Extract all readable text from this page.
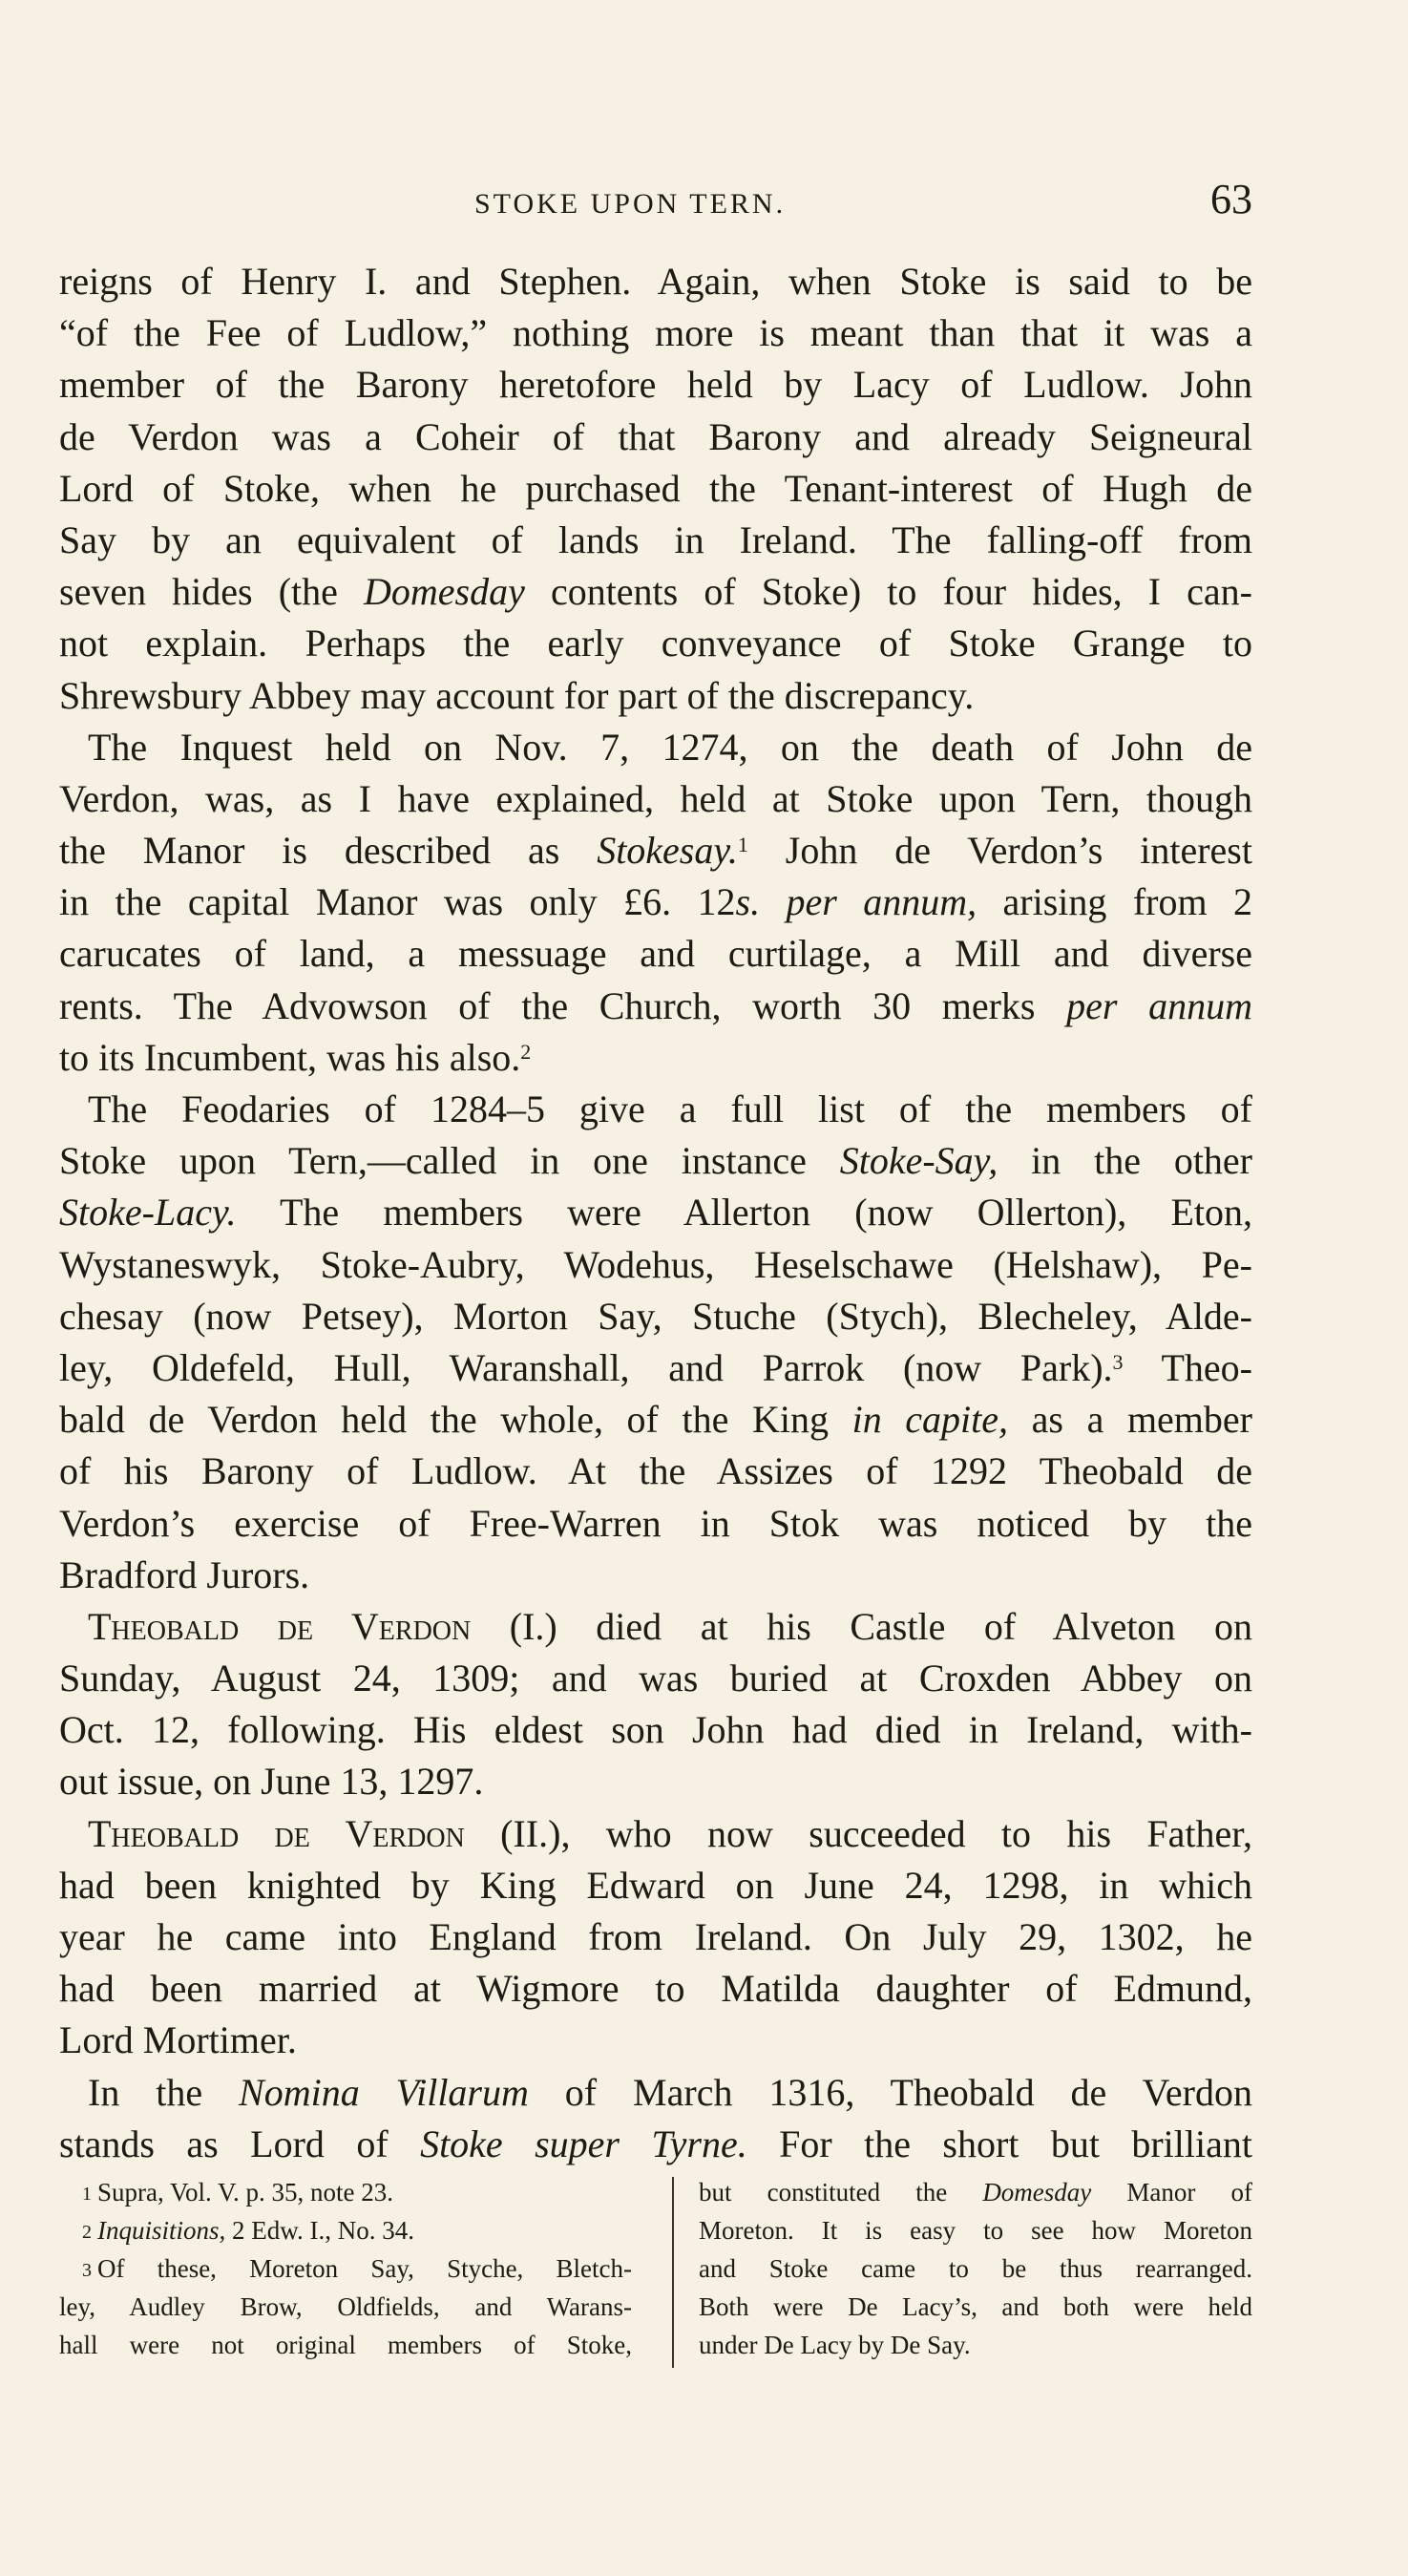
STOKE UPON TERN.	63
reigns of Henry I. and Stephen. Again, when Stoke is said to be
“of the Fee of Ludlow,” nothing more is meant than that it was a
member of the Barony heretofore held by Lacy of Ludlow. John
de Verdon was a Coheir of that Barony and already Seigneural
Lord of Stoke, when he purchased the Tenant-interest of Hugh de
Say by an equivalent of lands in Ireland. The falling-off from
seven hides (the Domesday contents of Stoke) to four hides, I can-
not explain. Perhaps the early conveyance of Stoke Grange to
Shrewsbury Abbey may account for part of the discrepancy.
The Inquest held on Nov. 7, 1274, on the death of John de
Verdon, was, as I have explained, held at Stoke upon Tern, though
the Manor is described as Stokesay.$^1$ John de Verdon’s interest
in the capital Manor was only £6. 12s. per annum, arising from 2
carucates of land, a messuage and curtilage, a Mill and diverse
rents. The Advowson of the Church, worth 30 merks per annum
to its Incumbent, was his also.$^2$
The Feodaries of 1284–5 give a full list of the members of
Stoke upon Tern,—called in one instance Stoke-Say, in the other
Stoke-Lacy. The members were Allerton (now Ollerton), Eton,
Wystaneswyk, Stoke-Aubry, Wodehus, Heselschawe (Helshaw), Pe-
chesay (now Petsey), Morton Say, Stuche (Stych), Blecheley, Alde-
ley, Oldefeld, Hull, Waranshall, and Parrok (now Park).$^3$ Theo-
bald de Verdon held the whole, of the King in capite, as a member
of his Barony of Ludlow. At the Assizes of 1292 Theobald de
Verdon’s exercise of Free-Warren in Stok was noticed by the
Bradford Jurors.
Theobald de Verdon (I.) died at his Castle of Alveton on
Sunday, August 24, 1309; and was buried at Croxden Abbey on
Oct. 12, following. His eldest son John had died in Ireland, with-
out issue, on June 13, 1297.
Theobald de Verdon (II.), who now succeeded to his Father,
had been knighted by King Edward on June 24, 1298, in which
year he came into England from Ireland. On July 29, 1302, he
had been married at Wigmore to Matilda daughter of Edmund,
Lord Mortimer.
In the Nomina Villarum of March 1316, Theobald de Verdon
stands as Lord of Stoke super Tyrne. For the short but brilliant
$^1$ Supra, Vol. V. p. 35, note 23.
$^2$ Inquisitions, 2 Edw. I., No. 34.
$^3$ Of these, Moreton Say, Styche, Bletch-
ley, Audley Brow, Oldfields, and Warans-
hall were not original members of Stoke,
but constituted the Domesday Manor of
Moreton. It is easy to see how Moreton
and Stoke came to be thus rearranged.
Both were De Lacy’s, and both were held
under De Lacy by De Say.
